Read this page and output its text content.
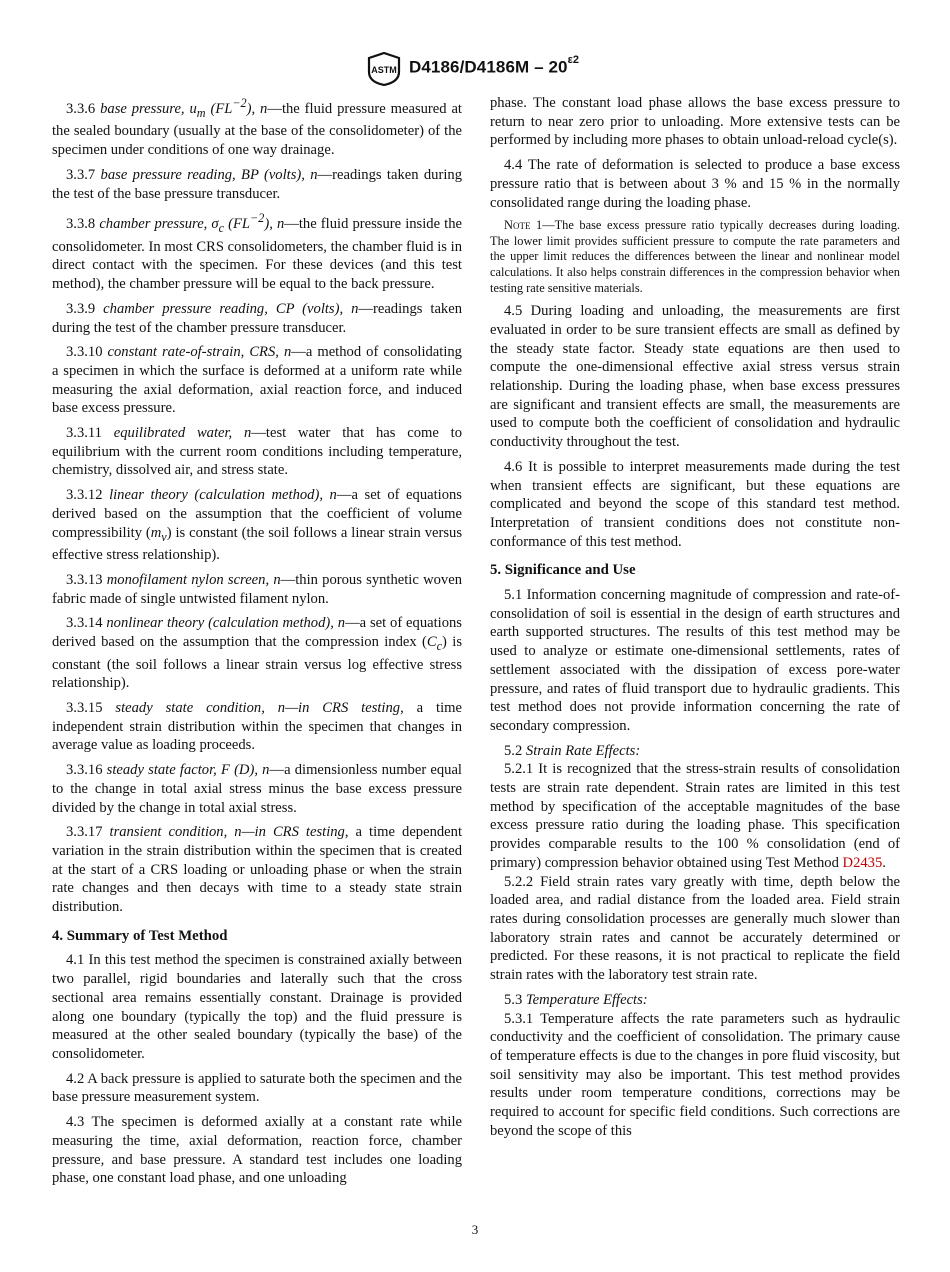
ASTM $D4186/D4186M - 20^{\varepsilon 2}$

3.3.6 base pressure, $u_m$ $(FL^{-2})$, n—the fluid pressure measured at the sealed boundary (usually at the base of the consolidometer) of the specimen under conditions of one way drainage.

3.3.7 base pressure reading, BP (volts), n—readings taken during the test of the base pressure transducer.

3.3.8 chamber pressure, $\sigma_c$ $(FL^{-2})$, n—the fluid pressure inside the consolidometer. In most CRS consolidometers, the chamber fluid is in direct contact with the specimen. For these devices (and this test method), the chamber pressure will be equal to the back pressure.

3.3.9 chamber pressure reading, CP (volts), n—readings taken during the test of the chamber pressure transducer.

3.3.10 constant rate-of-strain, CRS, n—a method of consolidating a specimen in which the surface is deformed at a uniform rate while measuring the axial deformation, axial reaction force, and induced base excess pressure.

3.3.11 equilibrated water, n—test water that has come to equilibrium with the current room conditions including temperature, chemistry, dissolved air, and stress state.

3.3.12 linear theory (calculation method), n—a set of equations derived based on the assumption that the coefficient of volume compressibility $(m_v)$ is constant (the soil follows a linear strain versus effective stress relationship).

3.3.13 monofilament nylon screen, n—thin porous synthetic woven fabric made of single untwisted filament nylon.

3.3.14 nonlinear theory (calculation method), n—a set of equations derived based on the assumption that the compression index $(C_c)$ is constant (the soil follows a linear strain versus log effective stress relationship).

3.3.15 steady state condition, n—in CRS testing, a time independent strain distribution within the specimen that changes in average value as loading proceeds.

3.3.16 steady state factor, F (D), n—a dimensionless number equal to the change in total axial stress minus the base excess pressure divided by the change in total axial stress.

3.3.17 transient condition, n—in CRS testing, a time dependent variation in the strain distribution within the specimen that is created at the start of a CRS loading or unloading phase or when the strain rate changes and then decays with time to a steady state strain distribution.

4. Summary of Test Method

4.1 In this test method the specimen is constrained axially between two parallel, rigid boundaries and laterally such that the cross sectional area remains essentially constant. Drainage is provided along one boundary (typically the top) and the fluid pressure is measured at the other sealed boundary (typically the base) of the consolidometer.

4.2 A back pressure is applied to saturate both the specimen and the base pressure measurement system.

4.3 The specimen is deformed axially at a constant rate while measuring the time, axial deformation, reaction force, chamber pressure, and base pressure. A standard test includes one loading phase, one constant load phase, and one unloading

phase. The constant load phase allows the base excess pressure to return to near zero prior to unloading. More extensive tests can be performed by including more phases to obtain unload-reload cycle(s).

4.4 The rate of deformation is selected to produce a base excess pressure ratio that is between about 3 % and 15 % in the normally consolidated range during the loading phase.

Note 1—The base excess pressure ratio typically decreases during loading. The lower limit provides sufficient pressure to compute the rate parameters and the upper limit reduces the differences between the linear and nonlinear model calculations. It also helps constrain differences in the compression behavior when testing rate sensitive materials.

4.5 During loading and unloading, the measurements are first evaluated in order to be sure transient effects are small as defined by the steady state factor. Steady state equations are then used to compute the one-dimensional effective axial stress versus strain relationship. During the loading phase, when base excess pressures are significant and transient effects are small, the measurements are used to compute both the coefficient of consolidation and hydraulic conductivity throughout the test.

4.6 It is possible to interpret measurements made during the test when transient effects are significant, but these equations are complicated and beyond the scope of this standard test method. Interpretation of transient conditions does not constitute non-conformance of this test method.

5. Significance and Use

5.1 Information concerning magnitude of compression and rate-of-consolidation of soil is essential in the design of earth structures and earth supported structures. The results of this test method may be used to analyze or estimate one-dimensional settlements, rates of settlement associated with the dissipation of excess pore-water pressure, and rates of fluid transport due to hydraulic gradients. This test method does not provide information concerning the rate of secondary compression.

5.2 Strain Rate Effects:

5.2.1 It is recognized that the stress-strain results of consolidation tests are strain rate dependent. Strain rates are limited in this test method by specification of the acceptable magnitudes of the base excess pressure ratio during the loading phase. This specification provides comparable results to the 100 % consolidation (end of primary) compression behavior obtained using Test Method D2435.

5.2.2 Field strain rates vary greatly with time, depth below the loaded area, and radial distance from the loaded area. Field strain rates during consolidation processes are generally much slower than laboratory strain rates and cannot be accurately determined or predicted. For these reasons, it is not practical to replicate the field strain rates with the laboratory test strain rate.

5.3 Temperature Effects:

5.3.1 Temperature affects the rate parameters such as hydraulic conductivity and the coefficient of consolidation. The primary cause of temperature effects is due to the changes in pore fluid viscosity, but soil sensitivity may also be important. This test method provides results under room temperature conditions, corrections may be required to account for specific field conditions. Such corrections are beyond the scope of this

3
